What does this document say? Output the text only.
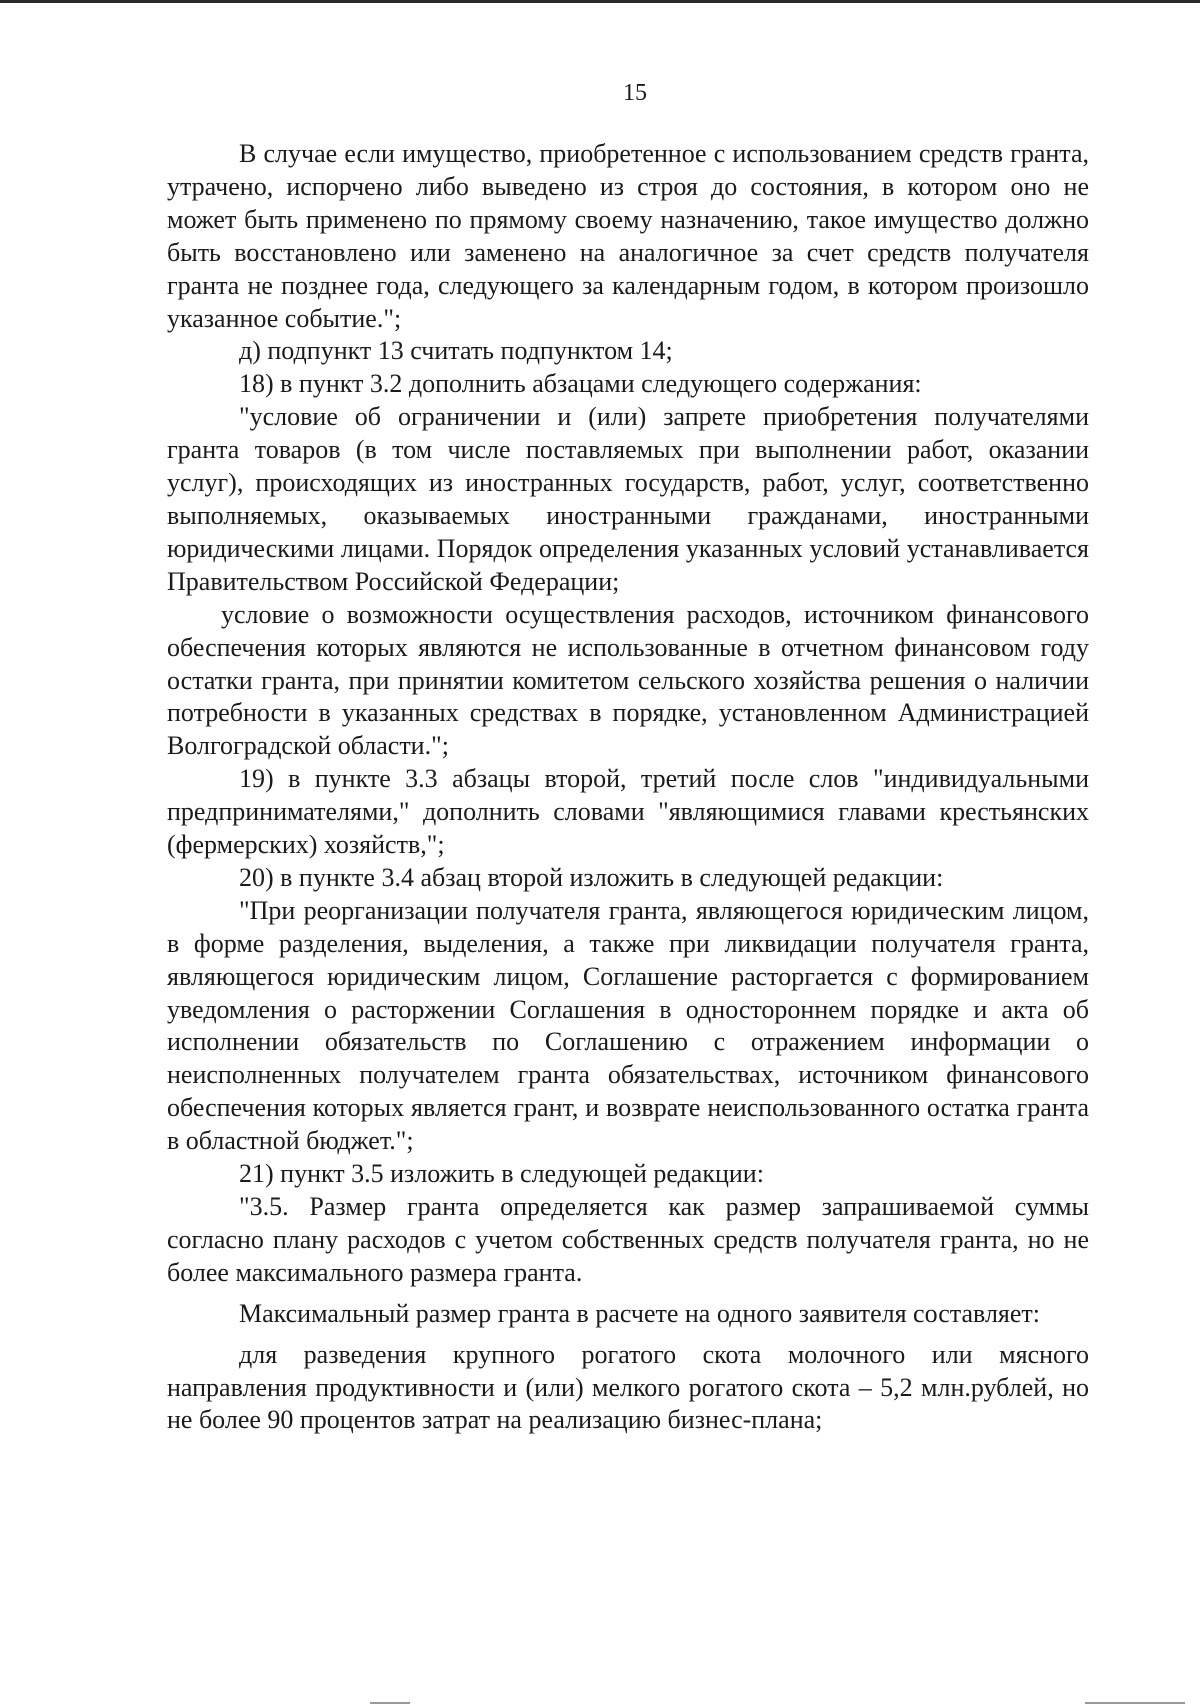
15

В случае если имущество, приобретенное с использованием средств гранта, утрачено, испорчено либо выведено из строя до состояния, в котором оно не может быть применено по прямому своему назначению, такое имущество должно быть восстановлено или заменено на аналогичное за счет средств получателя гранта не позднее года, следующего за календарным годом, в котором произошло указанное событие.";

д) подпункт 13 считать подпунктом 14;

18) в пункт 3.2 дополнить абзацами следующего содержания:

"условие об ограничении и (или) запрете приобретения получателями гранта товаров (в том числе поставляемых при выполнении работ, оказании услуг), происходящих из иностранных государств, работ, услуг, соответственно выполняемых, оказываемых иностранными гражданами, иностранными юридическими лицами. Порядок определения указанных условий устанавливается Правительством Российской Федерации;

условие о возможности осуществления расходов, источником финансового обеспечения которых являются не использованные в отчетном финансовом году остатки гранта, при принятии комитетом сельского хозяйства решения о наличии потребности в указанных средствах в порядке, установленном Администрацией Волгоградской области.";

19) в пункте 3.3 абзацы второй, третий после слов "индивидуальными предпринимателями," дополнить словами "являющимися главами крестьянских (фермерских) хозяйств,";

20) в пункте 3.4 абзац второй изложить в следующей редакции:

"При реорганизации получателя гранта, являющегося юридическим лицом, в форме разделения, выделения, а также при ликвидации получателя гранта, являющегося юридическим лицом, Соглашение расторгается с формированием уведомления о расторжении Соглашения в одностороннем порядке и акта об исполнении обязательств по Соглашению с отражением информации о неисполненных получателем гранта обязательствах, источником финансового обеспечения которых является грант, и возврате неиспользованного остатка гранта в областной бюджет.";

21) пункт 3.5 изложить в следующей редакции:

"3.5. Размер гранта определяется как размер запрашиваемой суммы согласно плану расходов с учетом собственных средств получателя гранта, но не более максимального размера гранта.

Максимальный размер гранта в расчете на одного заявителя составляет:

для разведения крупного рогатого скота молочного или мясного направления продуктивности и (или) мелкого рогатого скота – 5,2 млн.рублей, но не более 90 процентов затрат на реализацию бизнес-плана;
